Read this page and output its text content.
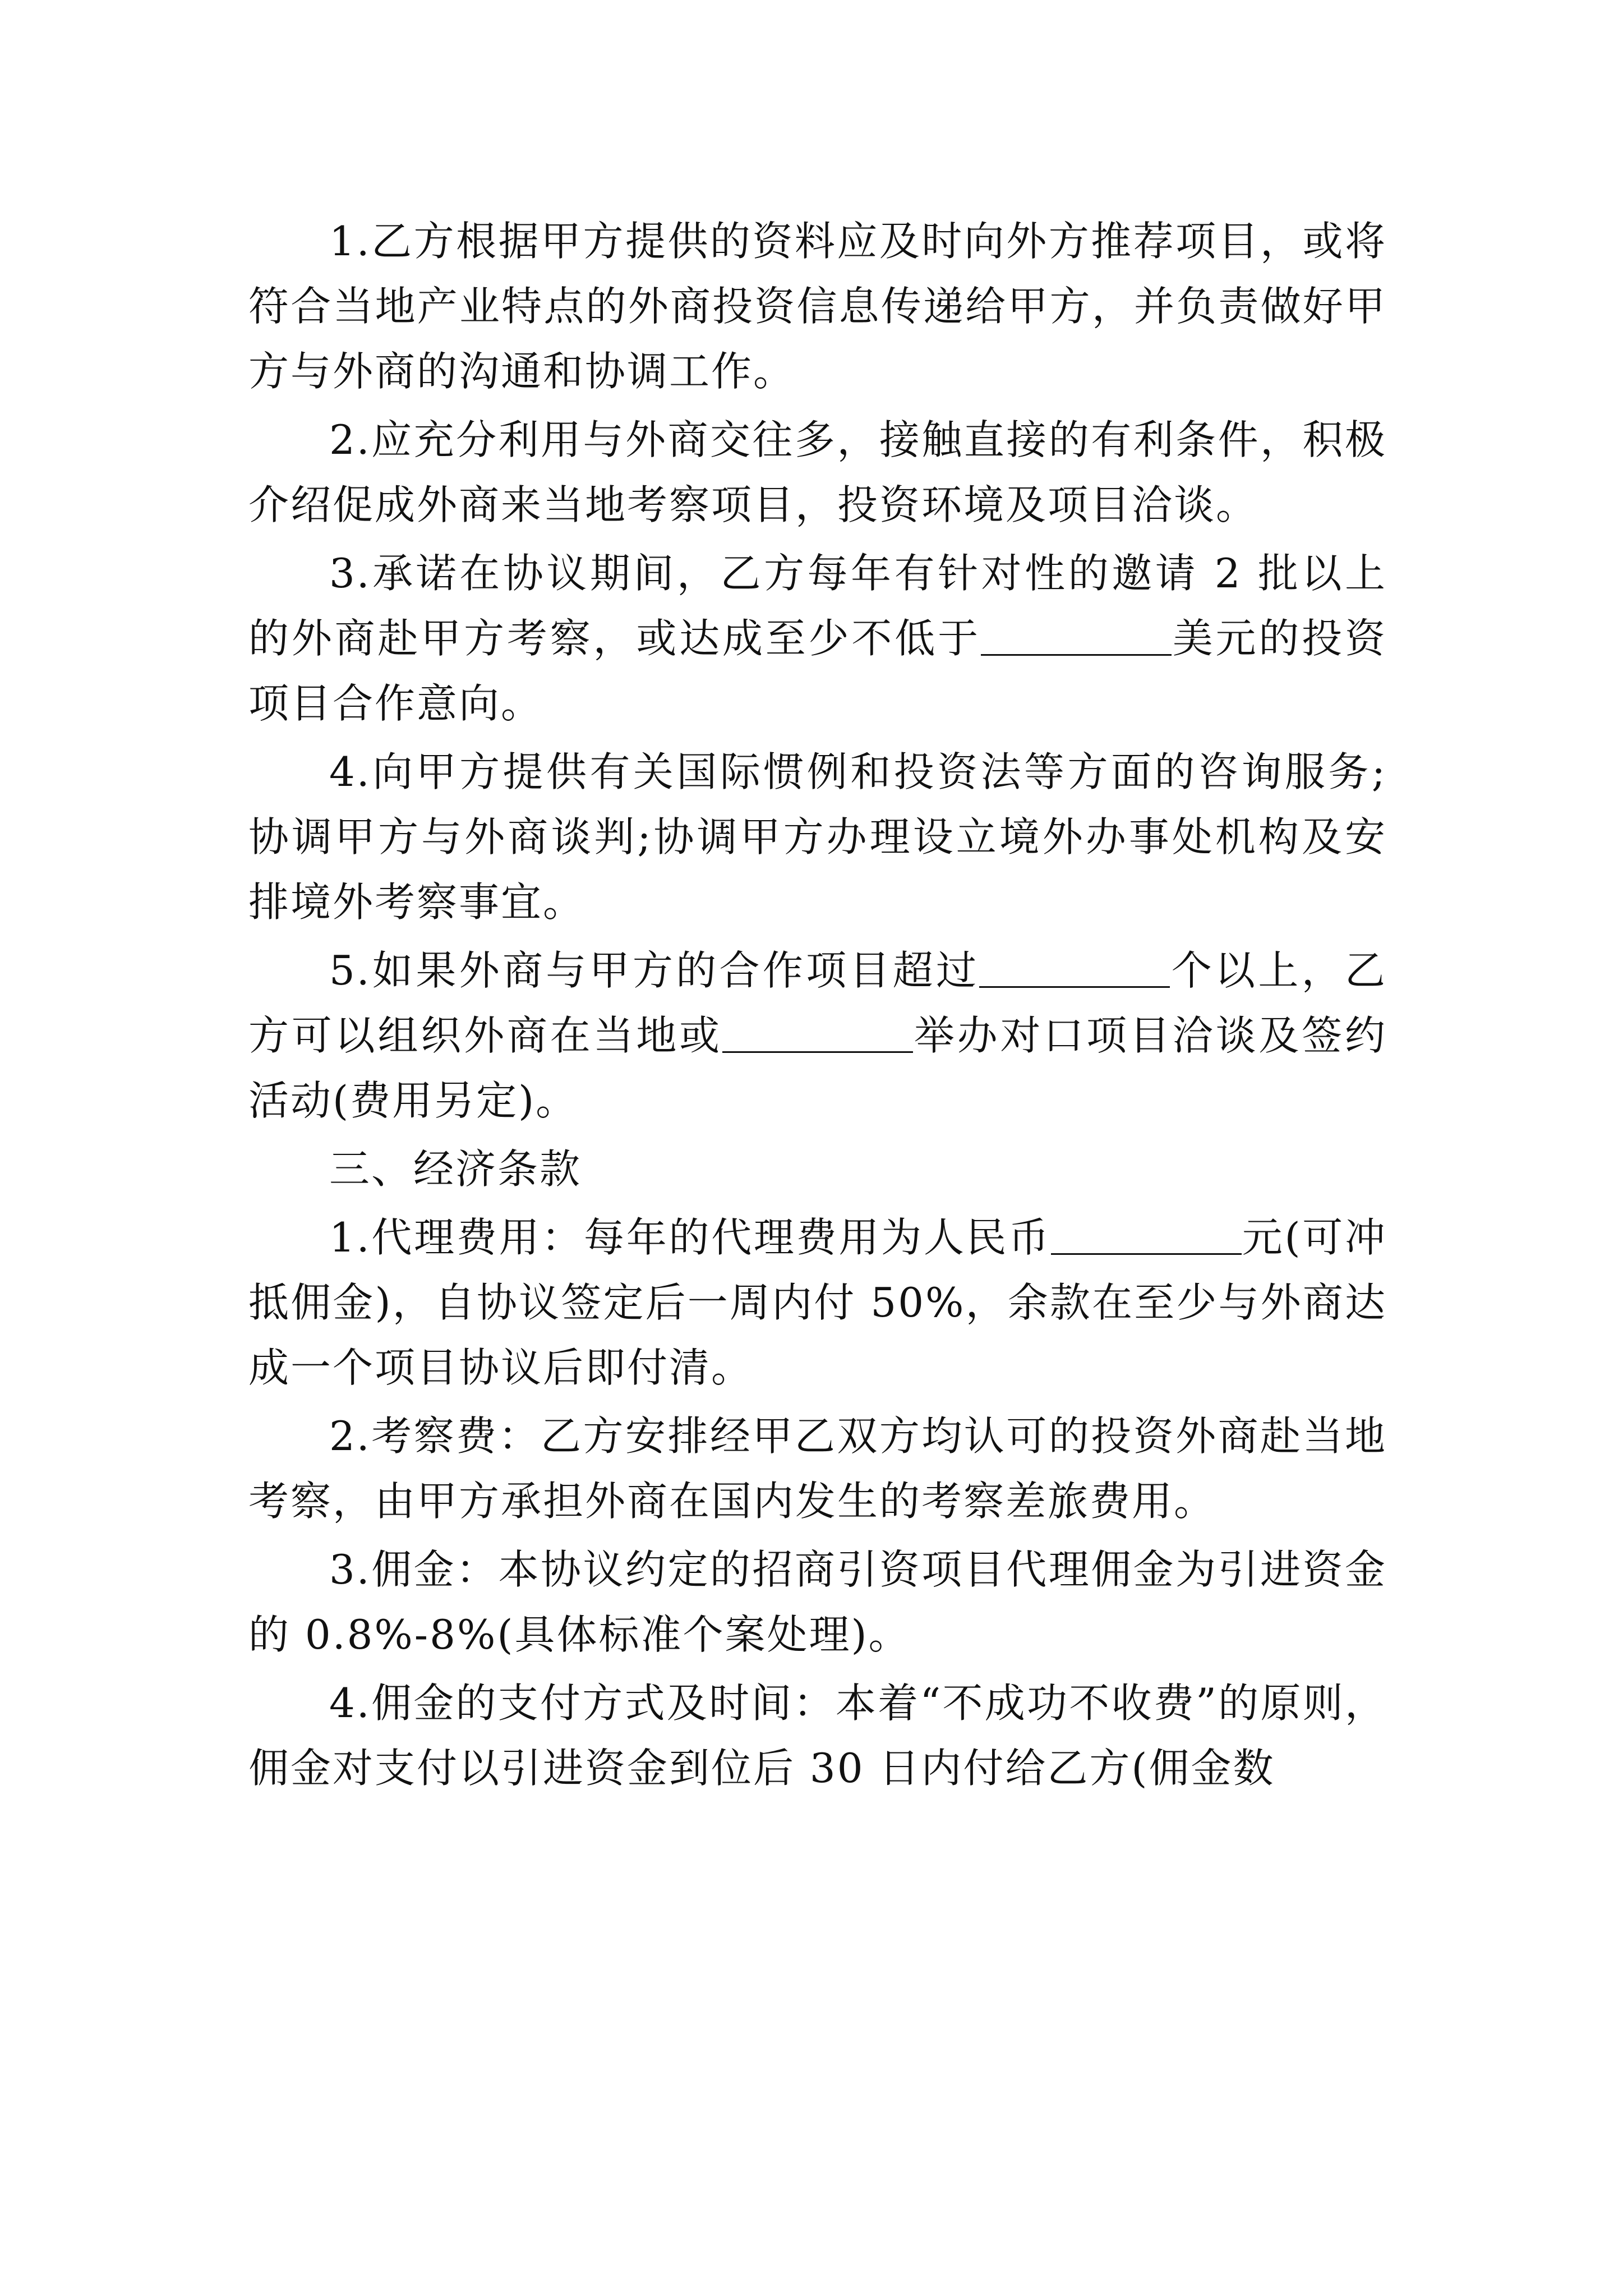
1.乙方根据甲方提供的资料应及时向外方推荐项目，或将符合当地产业特点的外商投资信息传递给甲方，并负责做好甲方与外商的沟通和协调工作。

2.应充分利用与外商交往多，接触直接的有利条件，积极介绍促成外商来当地考察项目，投资环境及项目洽谈。

3.承诺在协议期间，乙方每年有针对性的邀请 2 批以上的外商赴甲方考察，或达成至少不低于	美元的投资项目合作意向。

4.向甲方提供有关国际惯例和投资法等方面的咨询服务;协调甲方与外商谈判;协调甲方办理设立境外办事处机构及安排境外考察事宜。

5.如果外商与甲方的合作项目超过	个以上，乙方可以组织外商在当地或	举办对口项目洽谈及签约活动(费用另定)。

三、经济条款

1.代理费用：每年的代理费用为人民币	元(可冲抵佣金)，自协议签定后一周内付 50%，余款在至少与外商达成一个项目协议后即付清。

2.考察费：乙方安排经甲乙双方均认可的投资外商赴当地考察，由甲方承担外商在国内发生的考察差旅费用。

3.佣金：本协议约定的招商引资项目代理佣金为引进资金的 0.8%-8%(具体标准个案处理)。

4.佣金的支付方式及时间：本着“不成功不收费”的原则，佣金对支付以引进资金到位后 30 日内付给乙方(佣金数
